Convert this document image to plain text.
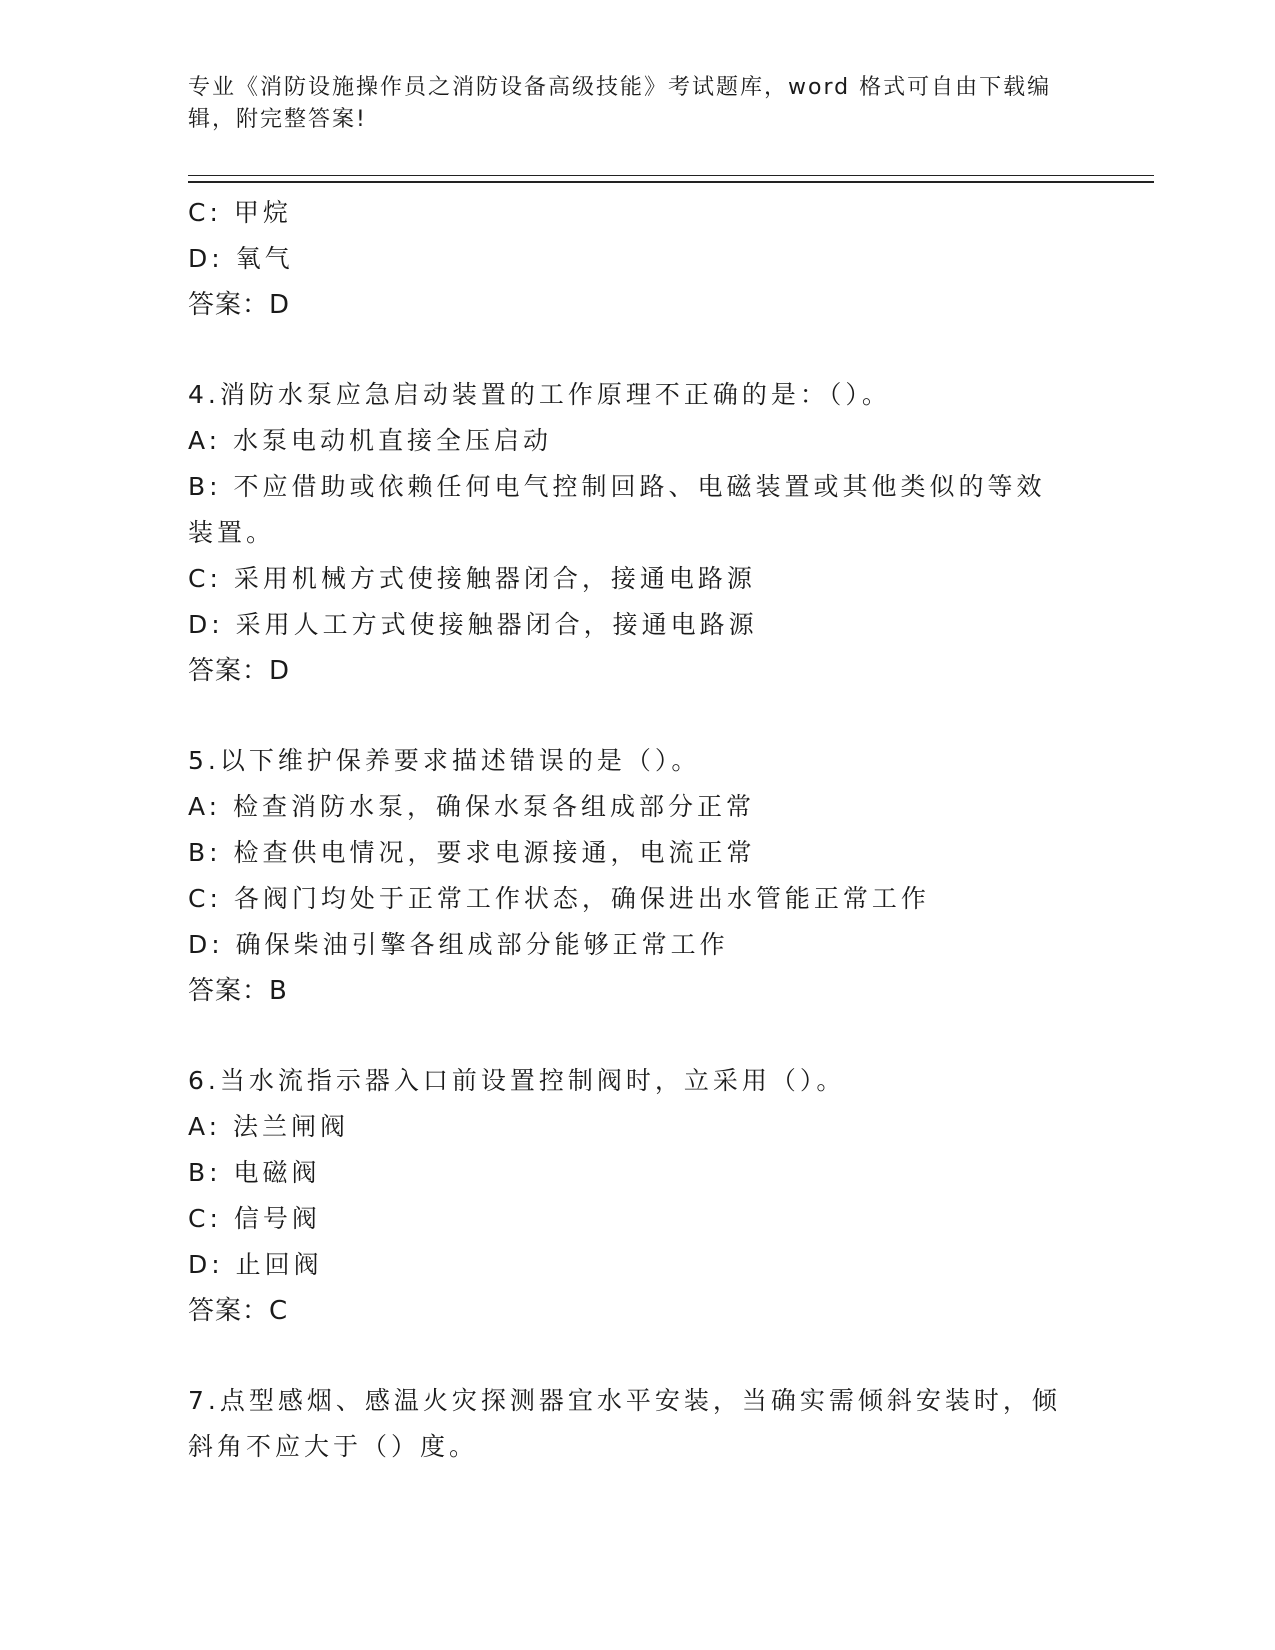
专业《消防设施操作员之消防设备高级技能》考试题库，word 格式可自由下载编辑，附完整答案!

C: 甲烷

D: 氧气

答案：D

4.消防水泵应急启动装置的工作原理不正确的是：（）。

A: 水泵电动机直接全压启动

B: 不应借助或依赖任何电气控制回路、电磁装置或其他类似的等效装置。

C: 采用机械方式使接触器闭合，接通电路源

D: 采用人工方式使接触器闭合，接通电路源

答案：D

5.以下维护保养要求描述错误的是（）。

A: 检查消防水泵，确保水泵各组成部分正常

B: 检查供电情况，要求电源接通，电流正常

C: 各阀门均处于正常工作状态，确保进出水管能正常工作

D: 确保柴油引擎各组成部分能够正常工作

答案：B

6.当水流指示器入口前设置控制阀时，立采用（）。

A: 法兰闸阀

B: 电磁阀

C: 信号阀

D: 止回阀

答案：C

7.点型感烟、感温火灾探测器宜水平安装，当确实需倾斜安装时，倾斜角不应大于（）度。
